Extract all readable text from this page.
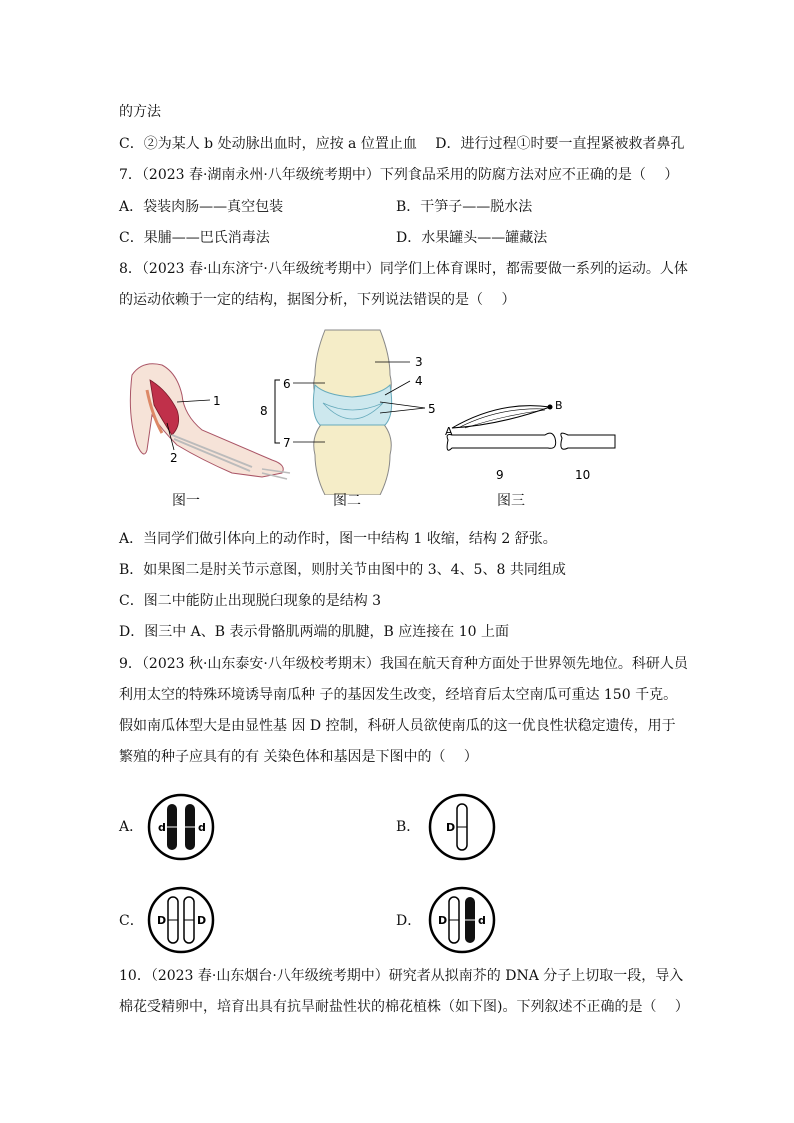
的方法
C．②为某人 b 处动脉出血时，应按 a 位置止血　 D．进行过程①时要一直捏紧被救者鼻孔
7．（2023 春·湖南永州·八年级统考期中）下列食品采用的防腐方法对应不正确的是（　 ）
A．袋装肉肠——真空包装	B．干笋子——脱水法
C．果脯——巴氏消毒法	D．水果罐头——罐藏法
8．（2023 春·山东济宁·八年级统考期中）同学们上体育课时，都需要做一系列的运动。人体
的运动依赖于一定的结构，据图分析，下列说法错误的是（　 ）
1
2
图一
6
7
8
3
4
5
图二
A
B
9	10
图三
A．当同学们做引体向上的动作时，图一中结构 1 收缩，结构 2 舒张。
B．如果图二是肘关节示意图，则肘关节由图中的 3、4、5、8 共同组成
C．图二中能防止出现脱臼现象的是结构 3
D．图三中 A、B 表示骨骼肌两端的肌腱，B 应连接在 10 上面
9．（2023 秋·山东泰安·八年级校考期末）我国在航天育种方面处于世界领先地位。科研人员
利用太空的特殊环境诱导南瓜种 子的基因发生改变，经培育后太空南瓜可重达 150 千克。
假如南瓜体型大是由显性基 因 D 控制，科研人员欲使南瓜的这一优良性状稳定遗传，用于
繁殖的种子应具有的有 关染色体和基因是下图中的（　 ）
A． d	d	B． D
C． D	D	D． D	d
10．（2023 春·山东烟台·八年级统考期中）研究者从拟南芥的 DNA 分子上切取一段，导入
棉花受精卵中，培育出具有抗旱耐盐性状的棉花植株（如下图)。下列叙述不正确的是（　 ）
